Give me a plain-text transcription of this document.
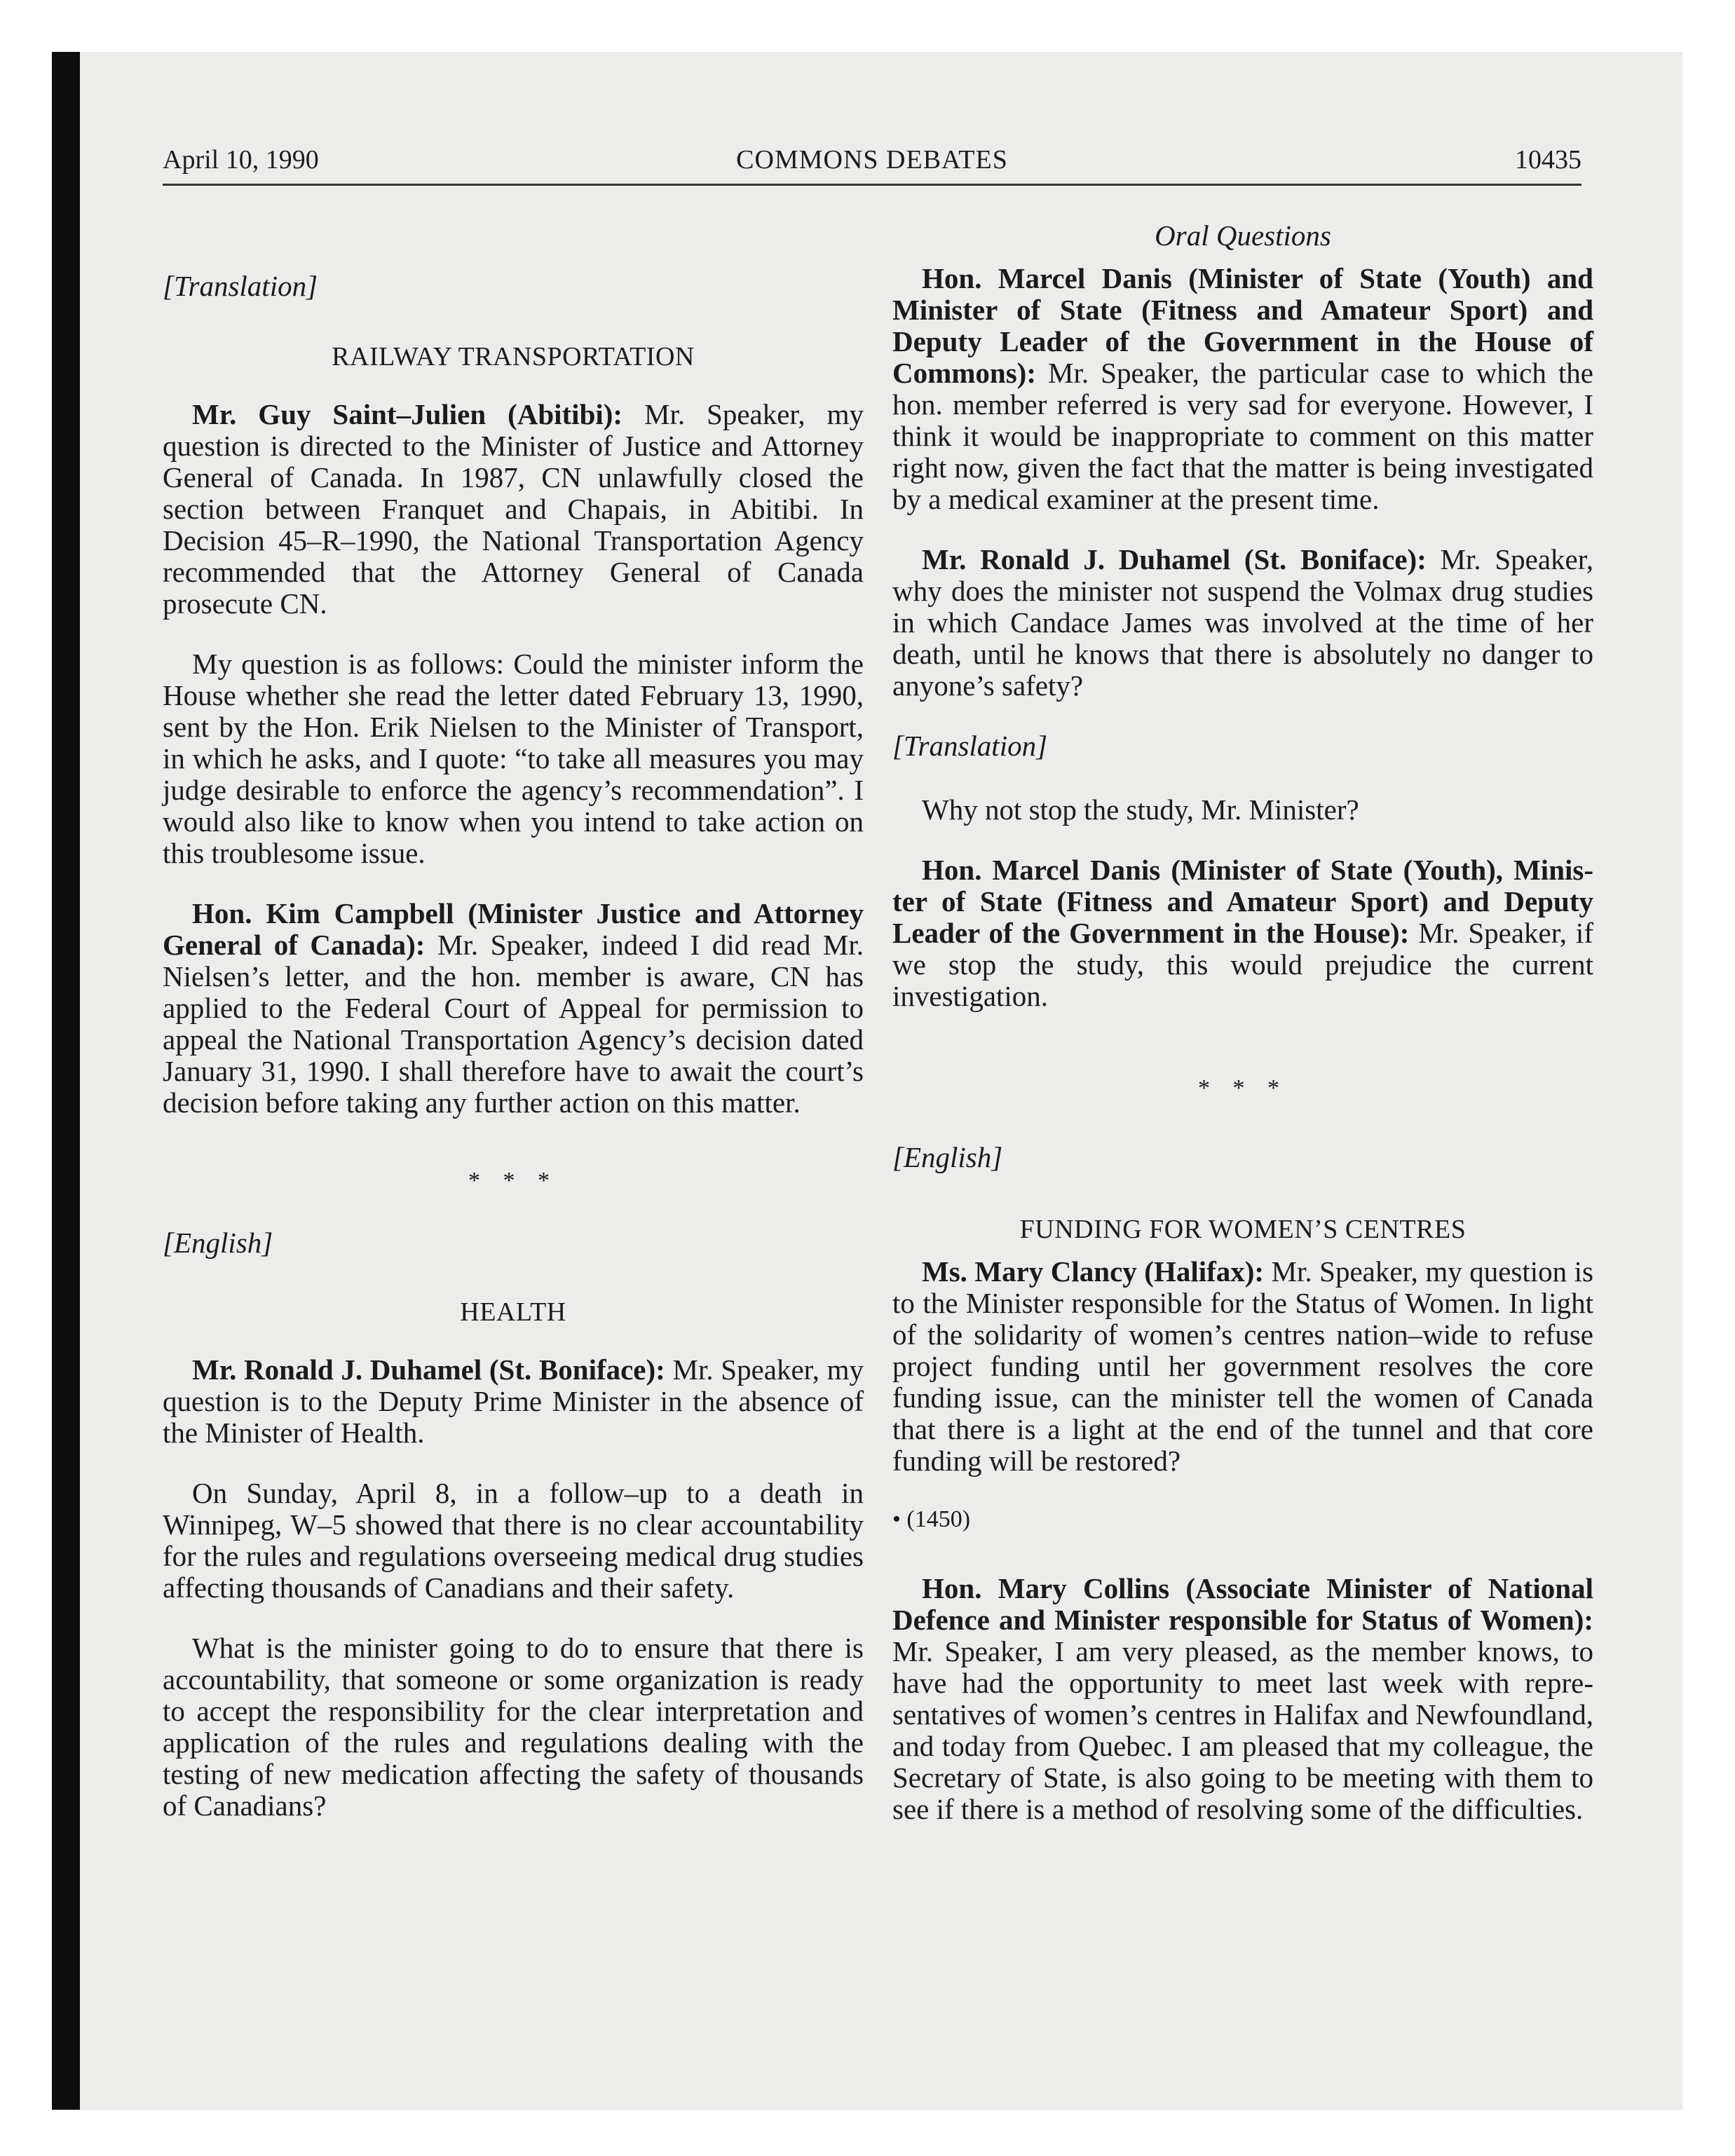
April 10, 1990	COMMONS DEBATES	10435

[Translation]

RAILWAY TRANSPORTATION

Mr. Guy Saint–Julien (Abitibi): Mr. Speaker, my question is directed to the Minister of Justice and Attorney General of Canada. In 1987, CN unlawfully closed the section between Franquet and Chapais, in Abitibi. In Decision 45–R–1990, the National Transportation Agency recommended that the Attorney General of Canada prosecute CN.

My question is as follows: Could the minister inform the House whether she read the letter dated February 13, 1990, sent by the Hon. Erik Nielsen to the Minister of Transport, in which he asks, and I quote: “to take all measures you may judge desirable to enforce the agency’s recommendation”. I would also like to know when you intend to take action on this troublesome issue.

Hon. Kim Campbell (Minister Justice and Attorney General of Canada): Mr. Speaker, indeed I did read Mr. Nielsen’s letter, and the hon. member is aware, CN has applied to the Federal Court of Appeal for permission to appeal the National Transportation Agency’s decision dated January 31, 1990. I shall therefore have to await the court’s decision before taking any further action on this matter.

* * *

[English]

HEALTH

Mr. Ronald J. Duhamel (St. Boniface): Mr. Speaker, my question is to the Deputy Prime Minister in the absence of the Minister of Health.

On Sunday, April 8, in a follow–up to a death in Winnipeg, W–5 showed that there is no clear accountability for the rules and regulations overseeing medical drug studies affecting thousands of Canadians and their safety.

What is the minister going to do to ensure that there is accountability, that someone or some organization is ready to accept the responsibility for the clear interpretation and application of the rules and regulations dealing with the testing of new medication affecting the safety of thousands of Canadians?

Oral Questions

Hon. Marcel Danis (Minister of State (Youth) and Minister of State (Fitness and Amateur Sport) and Deputy Leader of the Government in the House of Commons): Mr. Speaker, the particular case to which the hon. member referred is very sad for everyone. However, I think it would be inappropriate to comment on this matter right now, given the fact that the matter is being investigated by a medical examiner at the present time.

Mr. Ronald J. Duhamel (St. Boniface): Mr. Speaker, why does the minister not suspend the Volmax drug studies in which Candace James was involved at the time of her death, until he knows that there is absolutely no danger to anyone’s safety?

[Translation]

Why not stop the study, Mr. Minister?

Hon. Marcel Danis (Minister of State (Youth), Minister of State (Fitness and Amateur Sport) and Deputy Leader of the Government in the House): Mr. Speaker, if we stop the study, this would prejudice the current investigation.

* * *

[English]

FUNDING FOR WOMEN’S CENTRES

Ms. Mary Clancy (Halifax): Mr. Speaker, my question is to the Minister responsible for the Status of Women. In light of the solidarity of women’s centres nation–wide to refuse project funding until her government resolves the core funding issue, can the minister tell the women of Canada that there is a light at the end of the tunnel and that core funding will be restored?

• (1450)

Hon. Mary Collins (Associate Minister of National Defence and Minister responsible for Status of Women): Mr. Speaker, I am very pleased, as the member knows, to have had the opportunity to meet last week with representatives of women’s centres in Halifax and Newfoundland, and today from Quebec. I am pleased that my colleague, the Secretary of State, is also going to be meeting with them to see if there is a method of resolving some of the difficulties.
